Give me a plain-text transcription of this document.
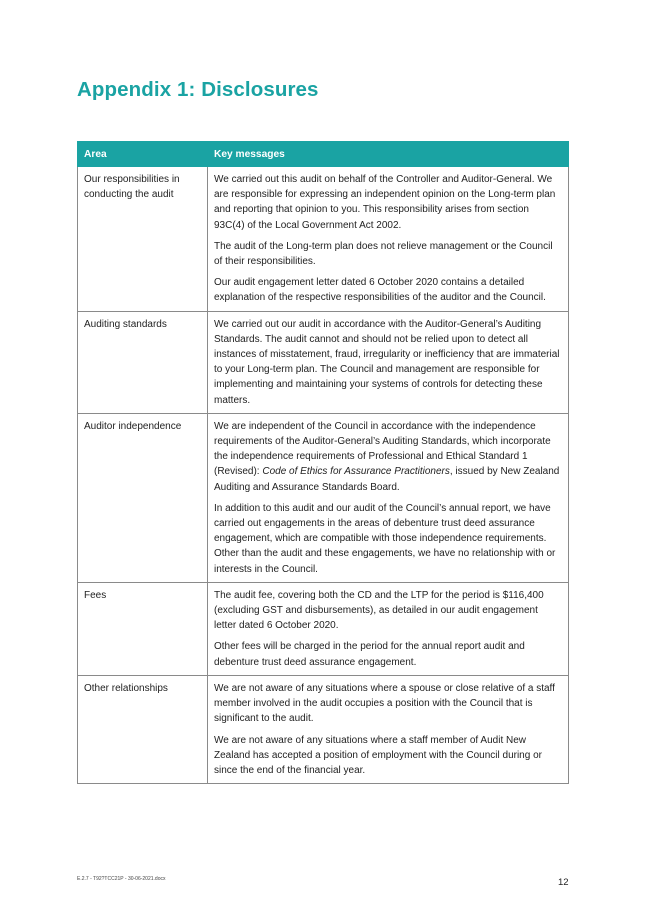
Appendix 1: Disclosures
Area	Key messages
Our responsibilities in conducting the audit	We carried out this audit on behalf of the Controller and Auditor-General. We are responsible for expressing an independent opinion on the Long-term plan and reporting that opinion to you. This responsibility arises from section 93C(4) of the Local Government Act 2002.

The audit of the Long-term plan does not relieve management or the Council of their responsibilities.

Our audit engagement letter dated 6 October 2020 contains a detailed explanation of the respective responsibilities of the auditor and the Council.

Auditing standards	We carried out our audit in accordance with the Auditor-General’s Auditing Standards. The audit cannot and should not be relied upon to detect all instances of misstatement, fraud, irregularity or inefficiency that are immaterial to your Long-term plan. The Council and management are responsible for implementing and maintaining your systems of controls for detecting these matters.

Auditor independence	We are independent of the Council in accordance with the independence requirements of the Auditor-General’s Auditing Standards, which incorporate the independence requirements of Professional and Ethical Standard 1 (Revised): Code of Ethics for Assurance Practitioners, issued by New Zealand Auditing and Assurance Standards Board.

In addition to this audit and our audit of the Council’s annual report, we have carried out engagements in the areas of debenture trust deed assurance engagement, which are compatible with those independence requirements. Other than the audit and these engagements, we have no relationship with or interests in the Council.

Fees	The audit fee, covering both the CD and the LTP for the period is $116,400 (excluding GST and disbursements), as detailed in our audit engagement letter dated 6 October 2020.

Other fees will be charged in the period for the annual report audit and debenture trust deed assurance engagement.

Other relationships	We are not aware of any situations where a spouse or close relative of a staff member involved in the audit occupies a position with the Council that is significant to the audit.

We are not aware of any situations where a staff member of Audit New Zealand has accepted a position of employment with the Council during or since the end of the financial year.

E.2.7 - T92?TCC21P - 30-06-2021.docx	12
